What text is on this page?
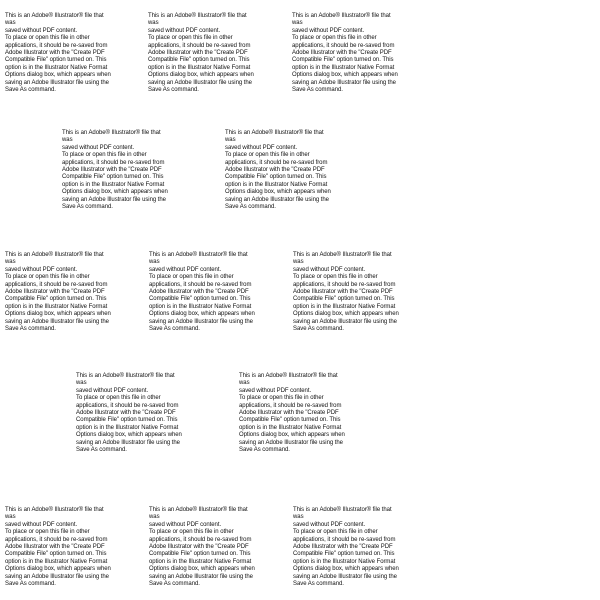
This is an Adobe® Illustrator® file that was
saved without PDF content.
To place or open this file in other
applications, it should be re-saved from
Adobe Illustrator with the "Create PDF
Compatible File" option turned on. This
option is in the Illustrator Native Format
Options dialog box, which appears when
saving an Adobe Illustrator file using the
Save As command.
This is an Adobe® Illustrator® file that was
saved without PDF content.
To place or open this file in other
applications, it should be re-saved from
Adobe Illustrator with the "Create PDF
Compatible File" option turned on. This
option is in the Illustrator Native Format
Options dialog box, which appears when
saving an Adobe Illustrator file using the
Save As command.
This is an Adobe® Illustrator® file that was
saved without PDF content.
To place or open this file in other
applications, it should be re-saved from
Adobe Illustrator with the "Create PDF
Compatible File" option turned on. This
option is in the Illustrator Native Format
Options dialog box, which appears when
saving an Adobe Illustrator file using the
Save As command.
This is an Adobe® Illustrator® file that was
saved without PDF content.
To place or open this file in other
applications, it should be re-saved from
Adobe Illustrator with the "Create PDF
Compatible File" option turned on. This
option is in the Illustrator Native Format
Options dialog box, which appears when
saving an Adobe Illustrator file using the
Save As command.
This is an Adobe® Illustrator® file that was
saved without PDF content.
To place or open this file in other
applications, it should be re-saved from
Adobe Illustrator with the "Create PDF
Compatible File" option turned on. This
option is in the Illustrator Native Format
Options dialog box, which appears when
saving an Adobe Illustrator file using the
Save As command.
This is an Adobe® Illustrator® file that was
saved without PDF content.
To place or open this file in other
applications, it should be re-saved from
Adobe Illustrator with the "Create PDF
Compatible File" option turned on. This
option is in the Illustrator Native Format
Options dialog box, which appears when
saving an Adobe Illustrator file using the
Save As command.
This is an Adobe® Illustrator® file that was
saved without PDF content.
To place or open this file in other
applications, it should be re-saved from
Adobe Illustrator with the "Create PDF
Compatible File" option turned on. This
option is in the Illustrator Native Format
Options dialog box, which appears when
saving an Adobe Illustrator file using the
Save As command.
This is an Adobe® Illustrator® file that was
saved without PDF content.
To place or open this file in other
applications, it should be re-saved from
Adobe Illustrator with the "Create PDF
Compatible File" option turned on. This
option is in the Illustrator Native Format
Options dialog box, which appears when
saving an Adobe Illustrator file using the
Save As command.
This is an Adobe® Illustrator® file that was
saved without PDF content.
To place or open this file in other
applications, it should be re-saved from
Adobe Illustrator with the "Create PDF
Compatible File" option turned on. This
option is in the Illustrator Native Format
Options dialog box, which appears when
saving an Adobe Illustrator file using the
Save As command.
This is an Adobe® Illustrator® file that was
saved without PDF content.
To place or open this file in other
applications, it should be re-saved from
Adobe Illustrator with the "Create PDF
Compatible File" option turned on. This
option is in the Illustrator Native Format
Options dialog box, which appears when
saving an Adobe Illustrator file using the
Save As command.
This is an Adobe® Illustrator® file that was
saved without PDF content.
To place or open this file in other
applications, it should be re-saved from
Adobe Illustrator with the "Create PDF
Compatible File" option turned on. This
option is in the Illustrator Native Format
Options dialog box, which appears when
saving an Adobe Illustrator file using the
Save As command.
This is an Adobe® Illustrator® file that was
saved without PDF content.
To place or open this file in other
applications, it should be re-saved from
Adobe Illustrator with the "Create PDF
Compatible File" option turned on. This
option is in the Illustrator Native Format
Options dialog box, which appears when
saving an Adobe Illustrator file using the
Save As command.
This is an Adobe® Illustrator® file that was
saved without PDF content.
To place or open this file in other
applications, it should be re-saved from
Adobe Illustrator with the "Create PDF
Compatible File" option turned on. This
option is in the Illustrator Native Format
Options dialog box, which appears when
saving an Adobe Illustrator file using the
Save As command.
